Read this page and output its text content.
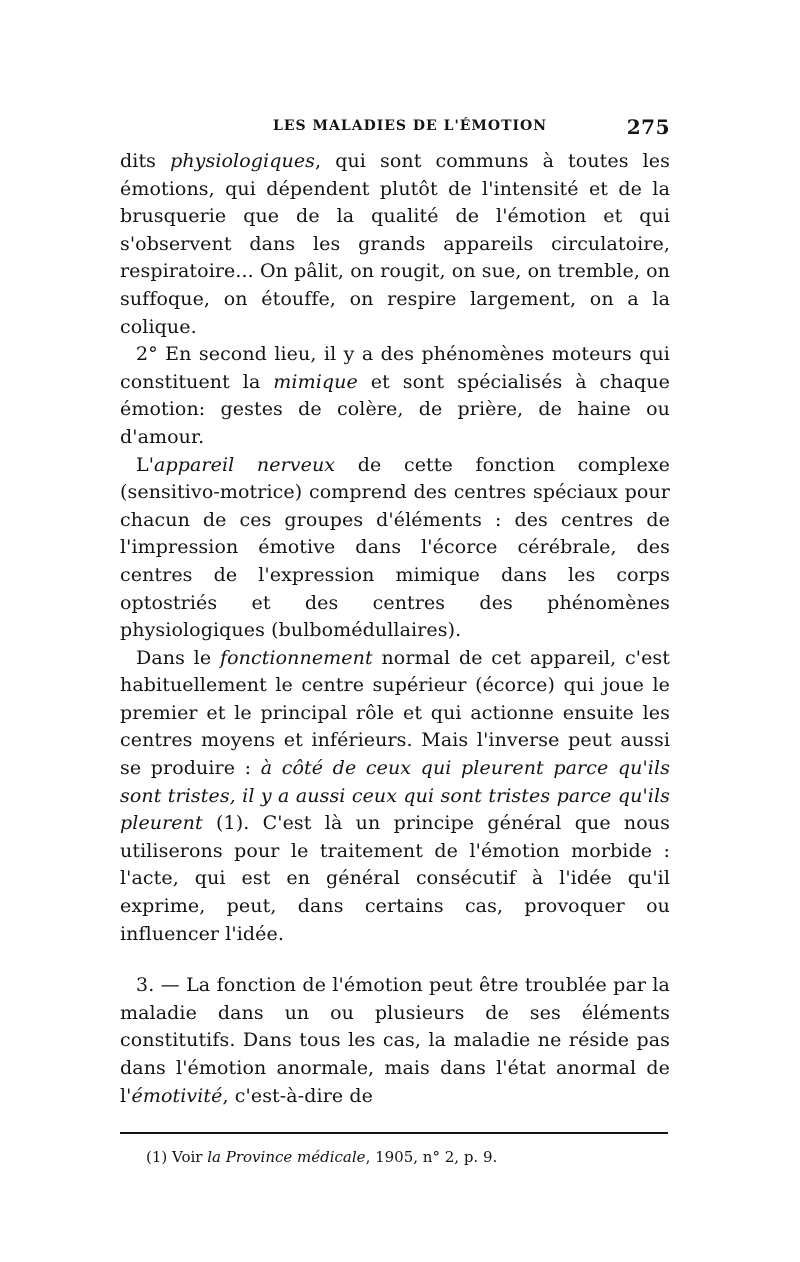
LES MALADIES DE L'ÉMOTION	275

dits physiologiques, qui sont communs à toutes les émotions, qui dépendent plutôt de l'intensité et de la brusquerie que de la qualité de l'émotion et qui s'observent dans les grands appareils circulatoire, respiratoire... On pâlit, on rougit, on sue, on tremble, on suffoque, on étouffe, on respire largement, on a la colique.

2° En second lieu, il y a des phénomènes moteurs qui constituent la mimique et sont spécialisés à chaque émotion: gestes de colère, de prière, de haine ou d'amour.

L'appareil nerveux de cette fonction complexe (sensitivo-motrice) comprend des centres spéciaux pour chacun de ces groupes d'éléments : des centres de l'impression émotive dans l'écorce cérébrale, des centres de l'expression mimique dans les corps optostriés et des centres des phénomènes physiologiques (bulbomédullaires).

Dans le fonctionnement normal de cet appareil, c'est habituellement le centre supérieur (écorce) qui joue le premier et le principal rôle et qui actionne ensuite les centres moyens et inférieurs. Mais l'inverse peut aussi se produire : à côté de ceux qui pleurent parce qu'ils sont tristes, il y a aussi ceux qui sont tristes parce qu'ils pleurent (1). C'est là un principe général que nous utiliserons pour le traitement de l'émotion morbide : l'acte, qui est en général consécutif à l'idée qu'il exprime, peut, dans certains cas, provoquer ou influencer l'idée.

3. — La fonction de l'émotion peut être troublée par la maladie dans un ou plusieurs de ses éléments constitutifs. Dans tous les cas, la maladie ne réside pas dans l'émotion anormale, mais dans l'état anormal de l'émotivité, c'est-à-dire de

(1) Voir la Province médicale, 1905, n° 2, p. 9.
